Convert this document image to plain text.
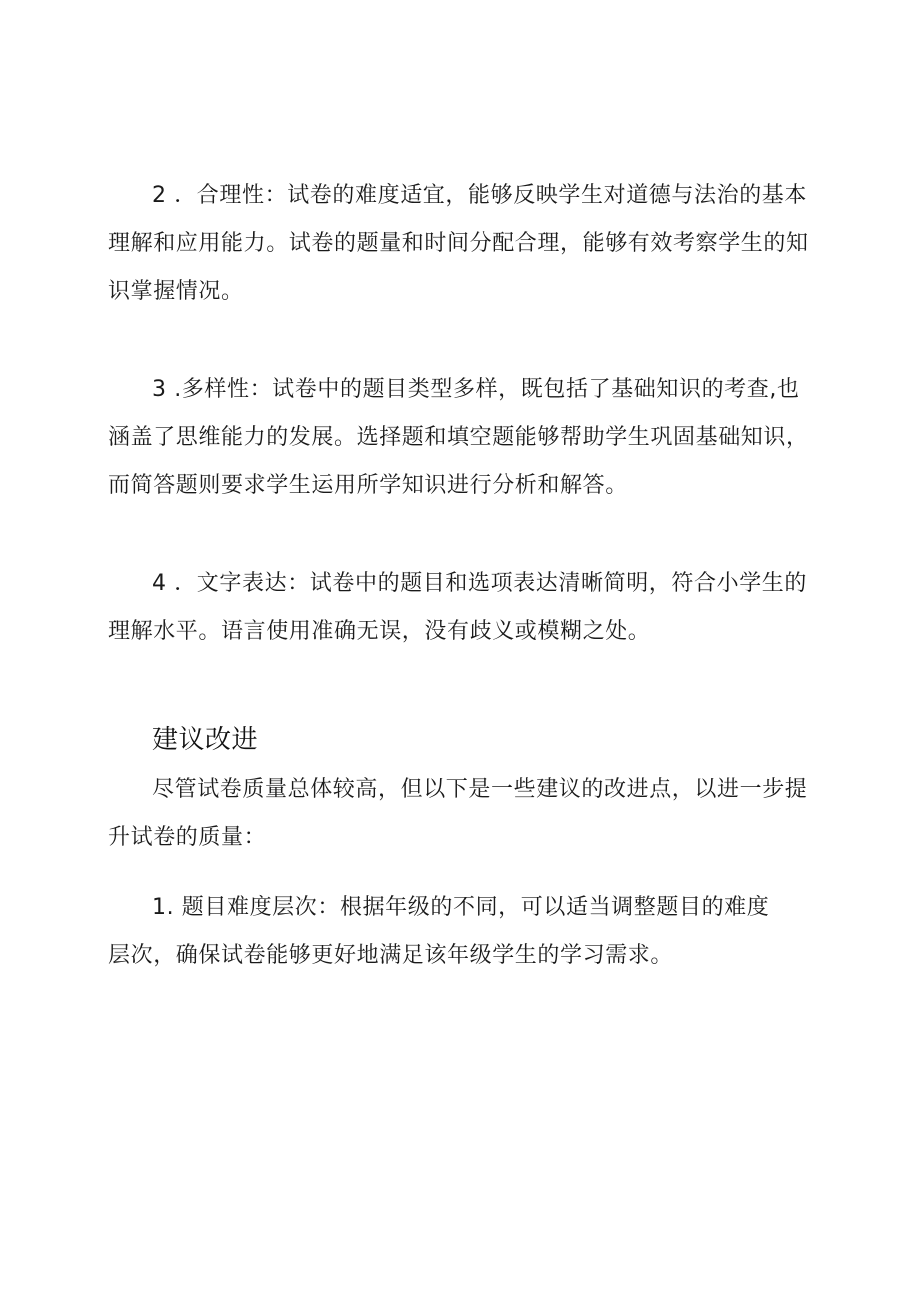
2 ．合理性：试卷的难度适宜，能够反映学生对道德与法治的基本
理解和应用能力。试卷的题量和时间分配合理，能够有效考察学生的知
识掌握情况。
3 .多样性：试卷中的题目类型多样，既包括了基础知识的考查,也
涵盖了思维能力的发展。选择题和填空题能够帮助学生巩固基础知识，
而简答题则要求学生运用所学知识进行分析和解答。
4 ．文字表达：试卷中的题目和选项表达清晰简明，符合小学生的
理解水平。语言使用准确无误，没有歧义或模糊之处。
建议改进
尽管试卷质量总体较高，但以下是一些建议的改进点，以进一步提
升试卷的质量：
1. 题目难度层次：根据年级的不同，可以适当调整题目的难度
层次，确保试卷能够更好地满足该年级学生的学习需求。
